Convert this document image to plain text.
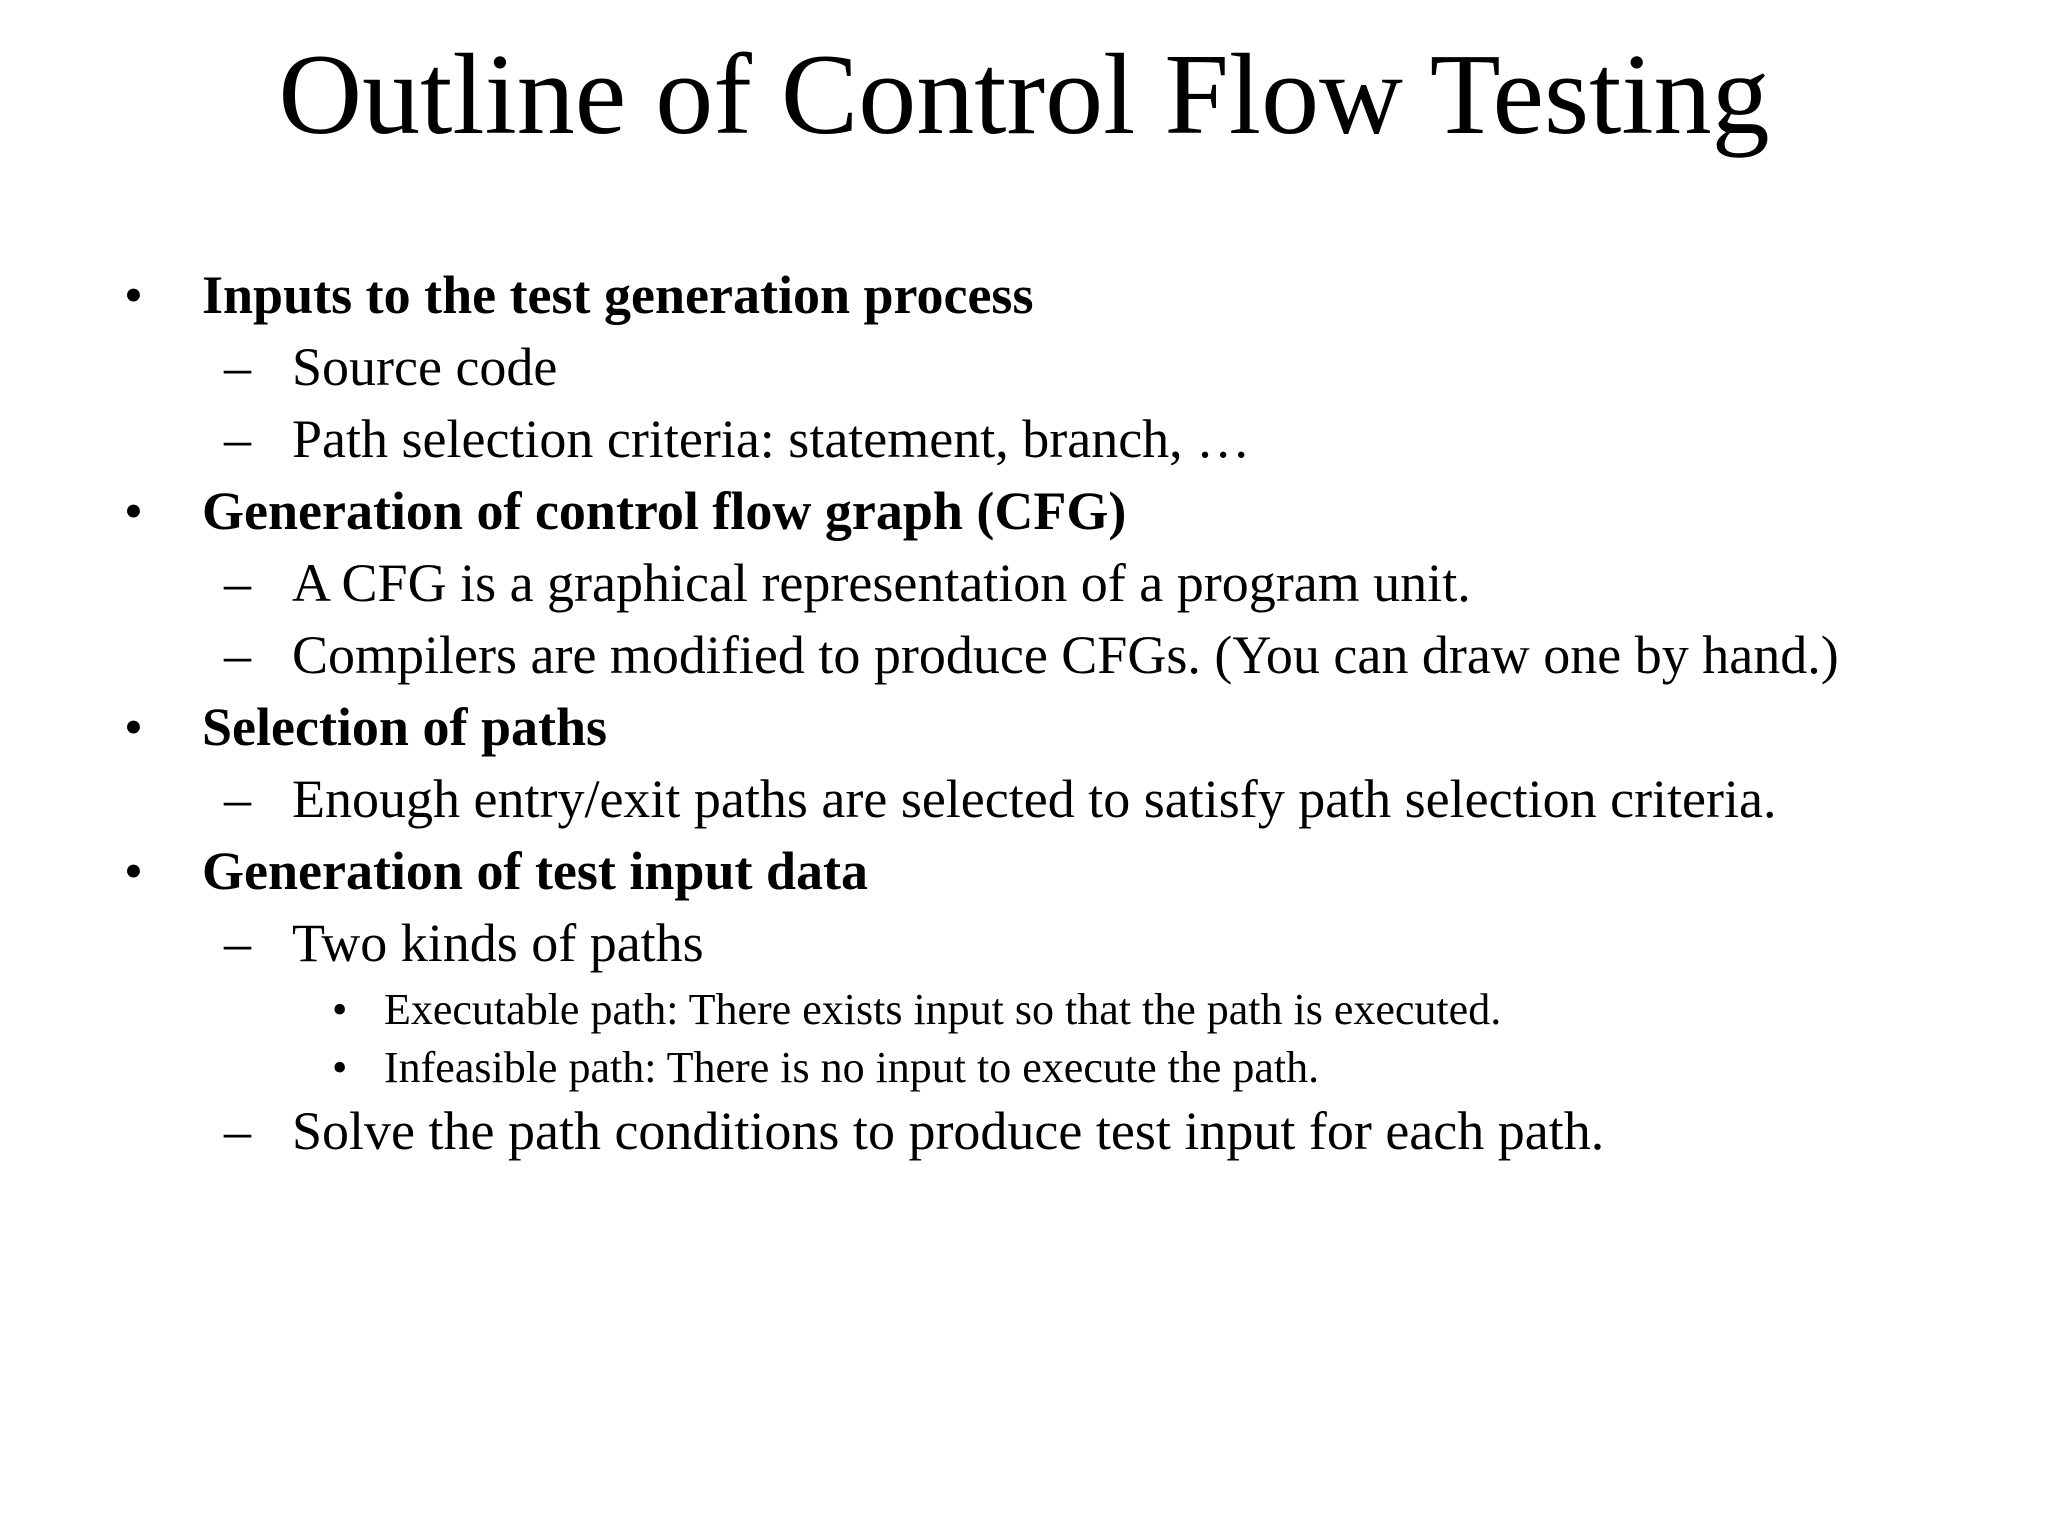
Outline of Control Flow Testing
• Inputs to the test generation process
– Source code
– Path selection criteria: statement, branch, …
• Generation of control flow graph (CFG)
– A CFG is a graphical representation of a program unit.
– Compilers are modified to produce CFGs. (You can draw one by hand.)
• Selection of paths
– Enough entry/exit paths are selected to satisfy path selection criteria.
• Generation of test input data
– Two kinds of paths
• Executable path: There exists input so that the path is executed.
• Infeasible path: There is no input to execute the path.
– Solve the path conditions to produce test input for each path.
